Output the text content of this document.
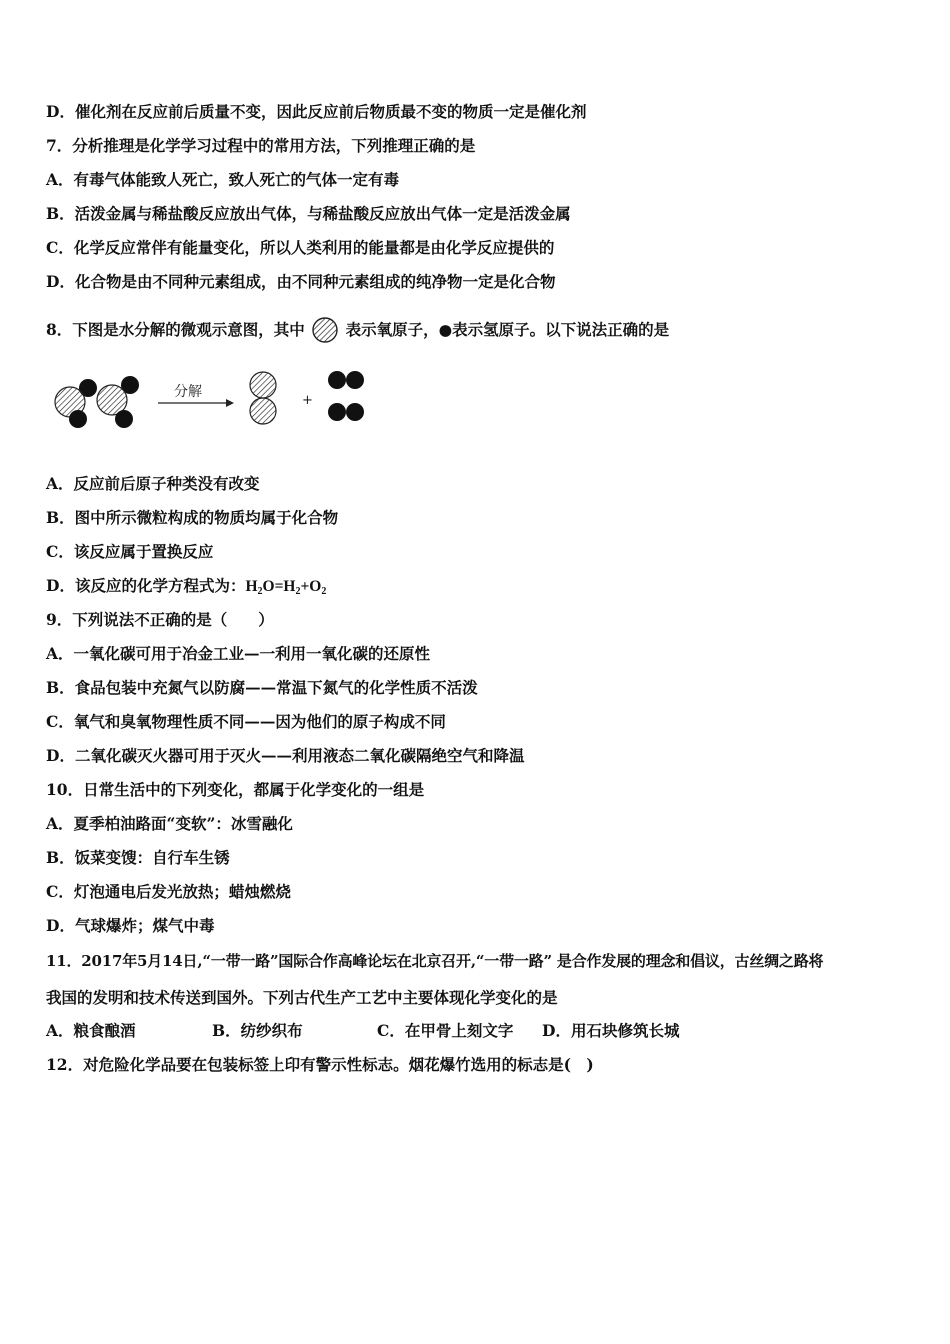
D．催化剂在反应前后质量不变，因此反应前后物质最不变的物质一定是催化剂
7．分析推理是化学学习过程中的常用方法，下列推理正确的是
A．有毒气体能致人死亡，致人死亡的气体一定有毒
B．活泼金属与稀盐酸反应放出气体，与稀盐酸反应放出气体一定是活泼金属
C．化学反应常伴有能量变化，所以人类利用的能量都是由化学反应提供的
D．化合物是由不同种元素组成，由不同种元素组成的纯净物一定是化合物
8．下图是水分解的微观示意图，其中	表示氧原子，●表示氢原子。以下说法正确的是
分解
+
A．反应前后原子种类没有改变
B．图中所示微粒构成的物质均属于化合物
C．该反应属于置换反应
D．该反应的化学方程式为：$H_2O=H_2+O_2$
9．下列说法不正确的是（　　）
A．一氧化碳可用于冶金工业—一利用一氧化碳的还原性
B．食品包装中充氮气以防腐——常温下氮气的化学性质不活泼
C．氧气和臭氧物理性质不同——因为他们的原子构成不同
D．二氧化碳灭火器可用于灭火——利用液态二氧化碳隔绝空气和降温
10．日常生活中的下列变化，都属于化学变化的一组是
A．夏季柏油路面“变软”：冰雪融化
B．饭菜变馊：自行车生锈
C．灯泡通电后发光放热；蜡烛燃烧
D．气球爆炸；煤气中毒
11．2017年5月14日,“一带一路”国际合作高峰论坛在北京召开,“一带一路” 是合作发展的理念和倡议，古丝绸之路将
我国的发明和技术传送到国外。下列古代生产工艺中主要体现化学变化的是
A．粮食酿酒	B．纺纱织布	C．在甲骨上刻文字 D．用石块修筑长城
12．对危险化学品要在包装标签上印有警示性标志。烟花爆竹选用的标志是(　)
